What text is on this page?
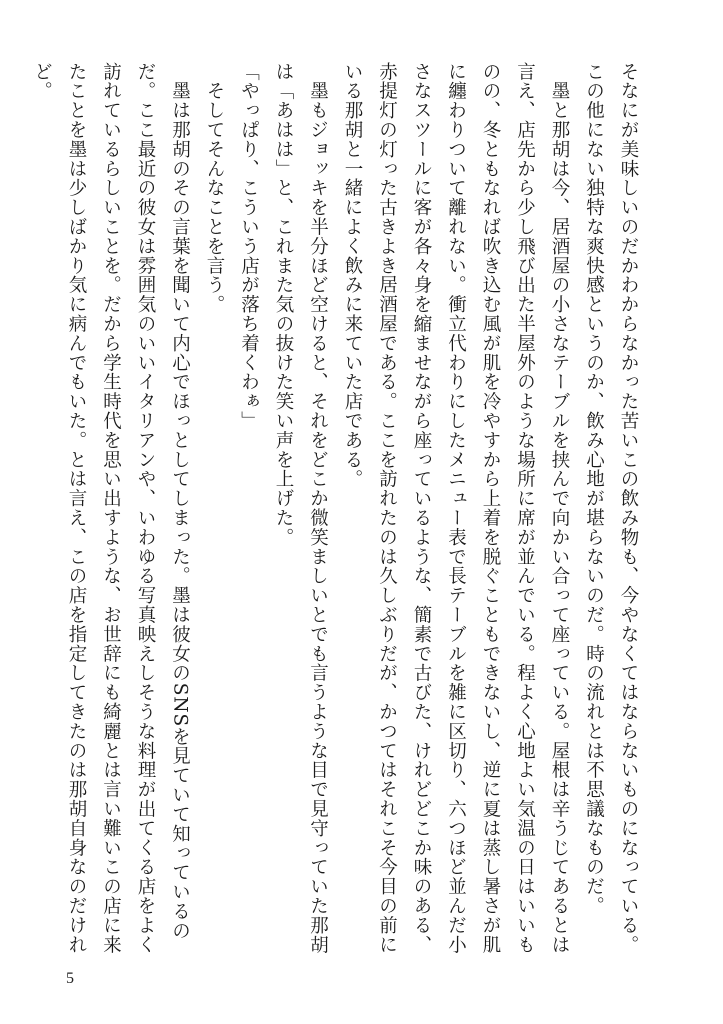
そなにが美味しいのだかわからなかった苦いこの飲み物も、今やなくてはならないものになっている。
この他にない独特な爽快感というのか、飲み心地が堪らないのだ。時の流れとは不思議なものだ。
　墨と那胡は今、居酒屋の小さなテーブルを挟んで向かい合って座っている。屋根は辛うじてあるとは
言え、店先から少し飛び出た半屋外のような場所に席が並んでいる。程よく心地よい気温の日はいいも
のの、冬ともなれば吹き込む風が肌を冷やすから上着を脱ぐこともできないし、逆に夏は蒸し暑さが肌
に纏わりついて離れない。衝立代わりにしたメニュー表で長テーブルを雑に区切り、六つほど並んだ小
さなスツールに客が各々身を縮ませながら座っているような、簡素で古びた、けれどどこか味のある、
赤提灯の灯った古きよき居酒屋である。ここを訪れたのは久しぶりだが、かつてはそれこそ今目の前に
いる那胡と一緒によく飲みに来ていた店である。
　墨もジョッキを半分ほど空けると、それをどこか微笑ましいとでも言うような目で見守っていた那胡
は「あはは」と、これまた気の抜けた笑い声を上げた。
「やっぱり、こういう店が落ち着くわぁ」
　そしてそんなことを言う。
　墨は那胡のその言葉を聞いて内心でほっとしてしまった。墨は彼女のSNSを見ていて知っているの
だ。ここ最近の彼女は雰囲気のいいイタリアンや、いわゆる写真映えしそうな料理が出てくる店をよく
訪れているらしいことを。だから学生時代を思い出すような、お世辞にも綺麗とは言い難いこの店に来
たことを墨は少しばかり気に病んでもいた。とは言え、この店を指定してきたのは那胡自身なのだけれ
ど。
5
